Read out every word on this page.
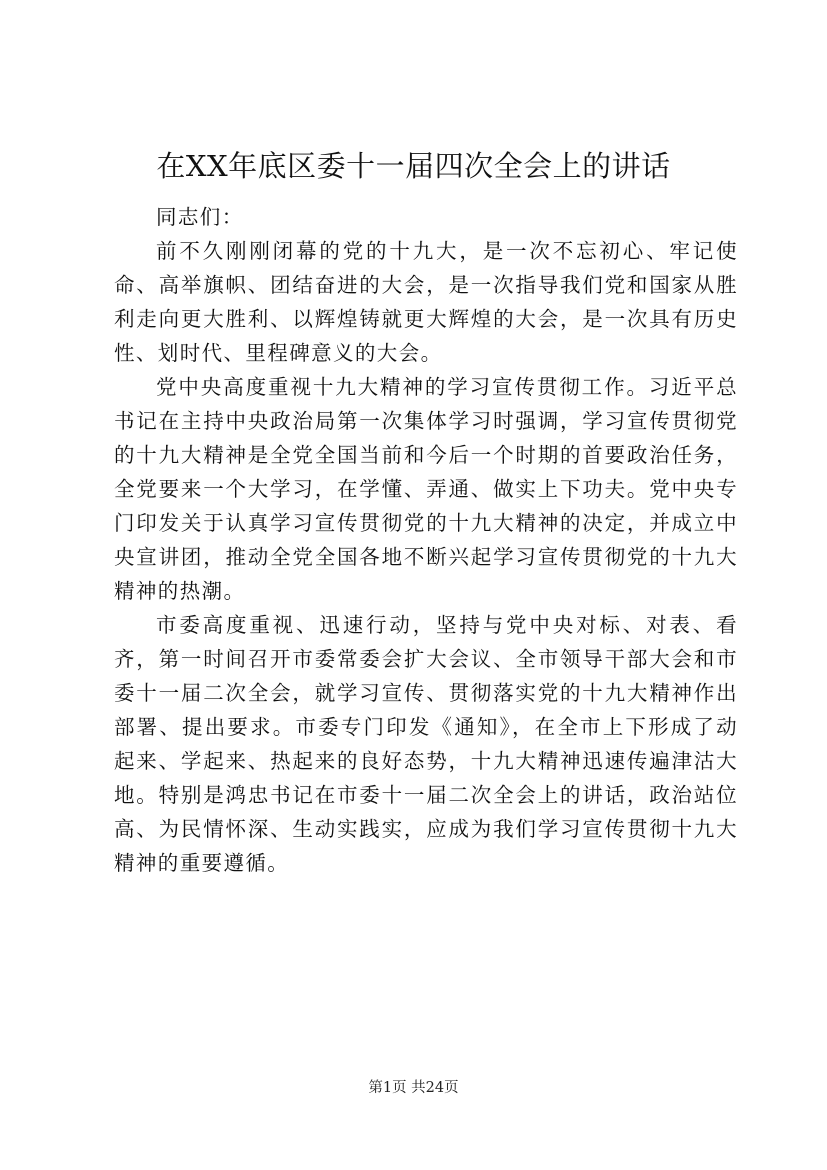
在XX年底区委十一届四次全会上的讲话

同志们：

前不久刚刚闭幕的党的十九大，是一次不忘初心、牢记使命、高举旗帜、团结奋进的大会，是一次指导我们党和国家从胜利走向更大胜利、以辉煌铸就更大辉煌的大会，是一次具有历史性、划时代、里程碑意义的大会。

党中央高度重视十九大精神的学习宣传贯彻工作。习近平总书记在主持中央政治局第一次集体学习时强调，学习宣传贯彻党的十九大精神是全党全国当前和今后一个时期的首要政治任务，全党要来一个大学习，在学懂、弄通、做实上下功夫。党中央专门印发关于认真学习宣传贯彻党的十九大精神的决定，并成立中央宣讲团，推动全党全国各地不断兴起学习宣传贯彻党的十九大精神的热潮。

市委高度重视、迅速行动，坚持与党中央对标、对表、看齐，第一时间召开市委常委会扩大会议、全市领导干部大会和市委十一届二次全会，就学习宣传、贯彻落实党的十九大精神作出部署、提出要求。市委专门印发《通知》，在全市上下形成了动起来、学起来、热起来的良好态势，十九大精神迅速传遍津沽大地。特别是鸿忠书记在市委十一届二次全会上的讲话，政治站位高、为民情怀深、生动实践实，应成为我们学习宣传贯彻十九大精神的重要遵循。

第1页 共24页
